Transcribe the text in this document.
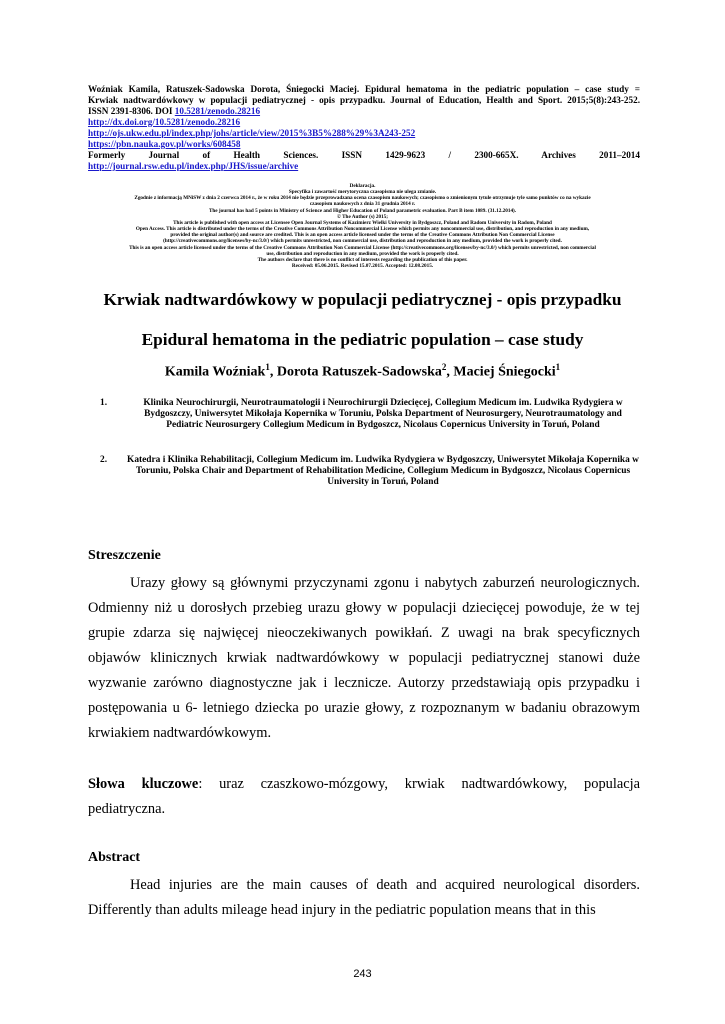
Woźniak Kamila, Ratuszek-Sadowska Dorota, Śniegocki Maciej. Epidural hematoma in the pediatric population – case study =
Krwiak nadtwardówkowy w populacji pediatrycznej - opis przypadku. Journal of Education, Health and Sport. 2015;5(8):243-252.
ISSN 2391-8306. DOI 10.5281/zenodo.28216
http://dx.doi.org/10.5281/zenodo.28216
http://ojs.ukw.edu.pl/index.php/johs/article/view/2015%3B5%288%29%3A243-252
https://pbn.nauka.gov.pl/works/608458
Formerly Journal of Health Sciences. ISSN 1429-9623 / 2300-665X. Archives 2011–2014
http://journal.rsw.edu.pl/index.php/JHS/issue/archive
Deklaracja.
Specyfika i zawartość merytoryczna czasopisma nie ulega zmianie.
Zgodnie z informacją MNiSW z dnia 2 czerwca 2014 r., że w roku 2014 nie będzie przeprowadzana ocena czasopism naukowych; czasopismo o zmienionym tytule otrzymuje tyle samo punktów co na wykazie
czasopism naukowych z dnia 31 grudnia 2014 r.
The journal has had 5 points in Ministry of Science and Higher Education of Poland parametric evaluation. Part B item 1089. (31.12.2014).
© The Author (s) 2015;
This article is published with open access at Licensee Open Journal Systems of Kazimierz Wielki University in Bydgoszcz, Poland and Radom University in Radom, Poland
Open Access. This article is distributed under the terms of the Creative Commons Attribution Noncommercial License which permits any noncommercial use, distribution, and reproduction in any medium,
provided the original author(s) and source are credited. This is an open access article licensed under the terms of the Creative Commons Attribution Non Commercial License
(http://creativecommons.org/licenses/by-nc/3.0/) which permits unrestricted, non commercial use, distribution and reproduction in any medium, provided the work is properly cited.
This is an open access article licensed under the terms of the Creative Commons Attribution Non Commercial License (http://creativecommons.org/licenses/by-nc/3.0/) which permits unrestricted, non commercial
use, distribution and reproduction in any medium, provided the work is properly cited.
The authors declare that there is no conflict of interests regarding the publication of this paper.
Received: 05.06.2015. Revised 15.07.2015. Accepted: 12.08.2015.
Krwiak nadtwardówkowy w populacji pediatrycznej - opis przypadku
Epidural hematoma in the pediatric population – case study
Kamila Woźniak$^1$, Dorota Ratuszek-Sadowska$^2$, Maciej Śniegocki$^1$
1.	Klinika Neurochirurgii, Neurotraumatologii i Neurochirurgii Dziecięcej, Collegium Medicum im. Ludwika Rydygiera w Bydgoszczy, Uniwersytet Mikołaja Kopernika w Toruniu, Polska Department of Neurosurgery, Neurotraumatology and Pediatric Neurosurgery Collegium Medicum in Bydgoszcz, Nicolaus Copernicus University in Toruń, Poland
2. Katedra i Klinika Rehabilitacji, Collegium Medicum im. Ludwika Rydygiera w Bydgoszczy, Uniwersytet Mikołaja Kopernika w Toruniu, Polska Chair and Department of Rehabilitation Medicine, Collegium Medicum in Bydgoszcz, Nicolaus Copernicus University in Toruń, Poland
Streszczenie
Urazy głowy są głównymi przyczynami zgonu i nabytych zaburzeń neurologicznych. Odmienny niż u dorosłych przebieg urazu głowy w populacji dziecięcej powoduje, że w tej grupie zdarza się najwięcej nieoczekiwanych powikłań. Z uwagi na brak specyficznych objawów klinicznych krwiak nadtwardówkowy w populacji pediatrycznej stanowi duże wyzwanie zarówno diagnostyczne jak i lecznicze. Autorzy przedstawiają opis przypadku i postępowania u 6- letniego dziecka po urazie głowy, z rozpoznanym w badaniu obrazowym krwiakiem nadtwardówkowym.
Słowa kluczowe: uraz czaszkowo-mózgowy, krwiak nadtwardówkowy, populacja pediatryczna.
Abstract
Head injuries are the main causes of death and acquired neurological disorders. Differently than adults mileage head injury in the pediatric population means that in this
243
